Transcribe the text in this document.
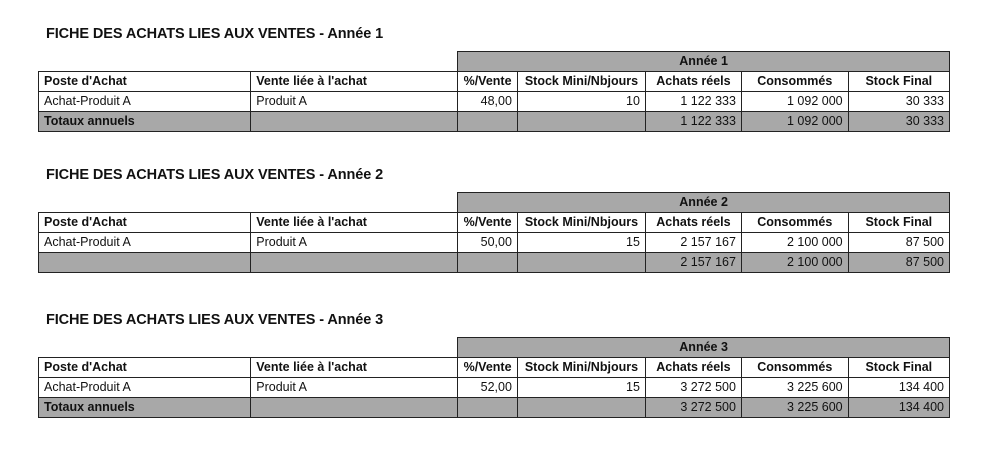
FICHE DES ACHATS LIES AUX VENTES - Année 1
		Année 1				
Poste d'Achat	Vente liée à l'achat	%/Vente	Stock Mini/Nbjours	Achats réels	Consommés	Stock Final
Achat-Produit A	Produit A	48,00	10	1 122 333	1 092 000	30 333
Totaux annuels				1 122 333	1 092 000	30 333
FICHE DES ACHATS LIES AUX VENTES - Année 2
		Année 2				
Poste d'Achat	Vente liée à l'achat	%/Vente	Stock Mini/Nbjours	Achats réels	Consommés	Stock Final
Achat-Produit A	Produit A	50,00	15	2 157 167	2 100 000	87 500
				2 157 167	2 100 000	87 500
FICHE DES ACHATS LIES AUX VENTES - Année 3
		Année 3				
Poste d'Achat	Vente liée à l'achat	%/Vente	Stock Mini/Nbjours	Achats réels	Consommés	Stock Final
Achat-Produit A	Produit A	52,00	15	3 272 500	3 225 600	134 400
Totaux annuels				3 272 500	3 225 600	134 400
